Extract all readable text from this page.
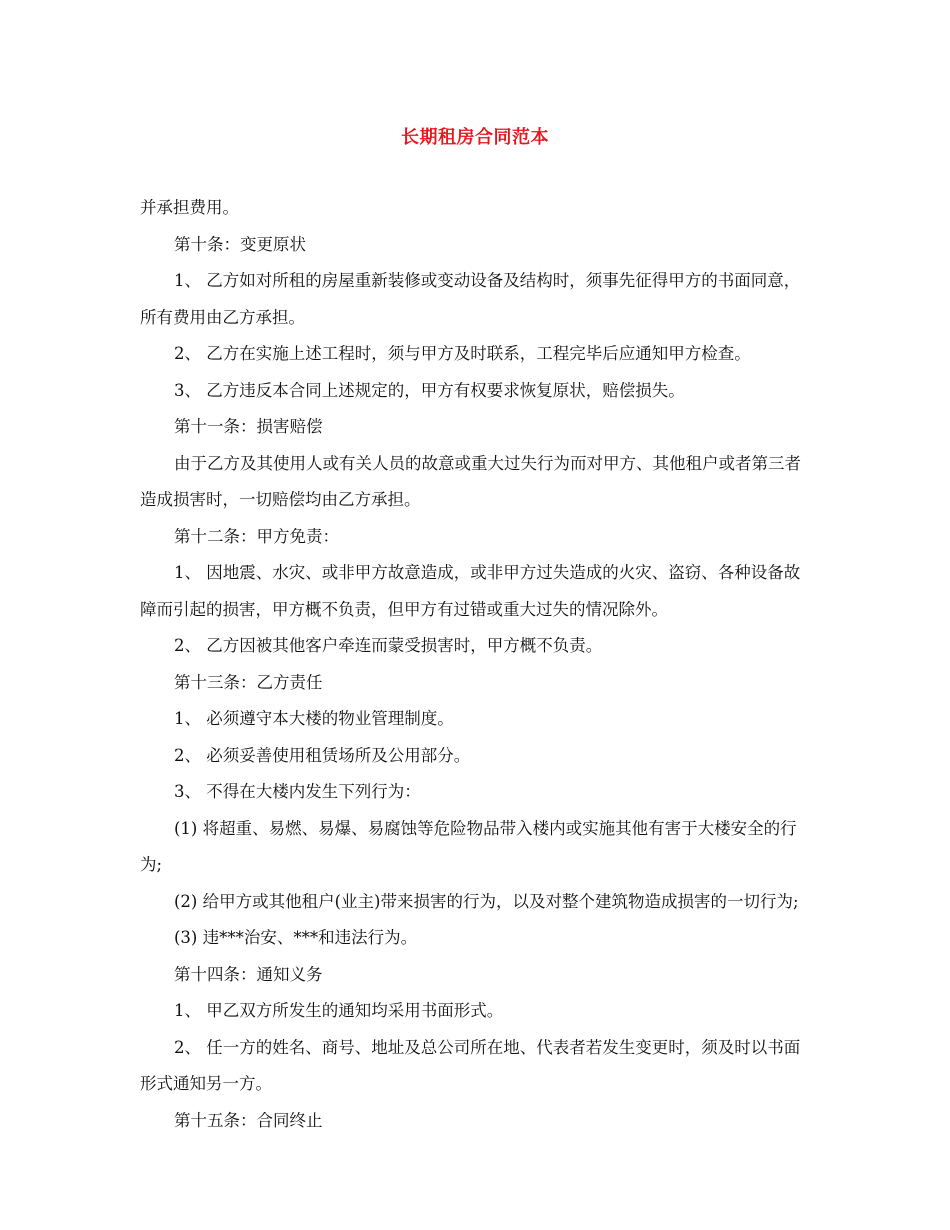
长期租房合同范本

并承担费用。

第十条：变更原状

1、 乙方如对所租的房屋重新装修或变动设备及结构时，须事先征得甲方的书面同意，所有费用由乙方承担。

2、 乙方在实施上述工程时，须与甲方及时联系，工程完毕后应通知甲方检查。

3、 乙方违反本合同上述规定的，甲方有权要求恢复原状，赔偿损失。

第十一条：损害赔偿

由于乙方及其使用人或有关人员的故意或重大过失行为而对甲方、其他租户或者第三者造成损害时，一切赔偿均由乙方承担。

第十二条：甲方免责：

1、 因地震、水灾、或非甲方故意造成，或非甲方过失造成的火灾、盗窃、各种设备故障而引起的损害，甲方概不负责，但甲方有过错或重大过失的情况除外。

2、 乙方因被其他客户牵连而蒙受损害时，甲方概不负责。

第十三条：乙方责任

1、 必须遵守本大楼的物业管理制度。

2、 必须妥善使用租赁场所及公用部分。

3、 不得在大楼内发生下列行为：

(1) 将超重、易燃、易爆、易腐蚀等危险物品带入楼内或实施其他有害于大楼安全的行为;

(2) 给甲方或其他租户(业主)带来损害的行为，以及对整个建筑物造成损害的一切行为;

(3) 违***治安、***和违法行为。

第十四条：通知义务

1、 甲乙双方所发生的通知均采用书面形式。

2、 任一方的姓名、商号、地址及总公司所在地、代表者若发生变更时，须及时以书面形式通知另一方。

第十五条：合同终止
